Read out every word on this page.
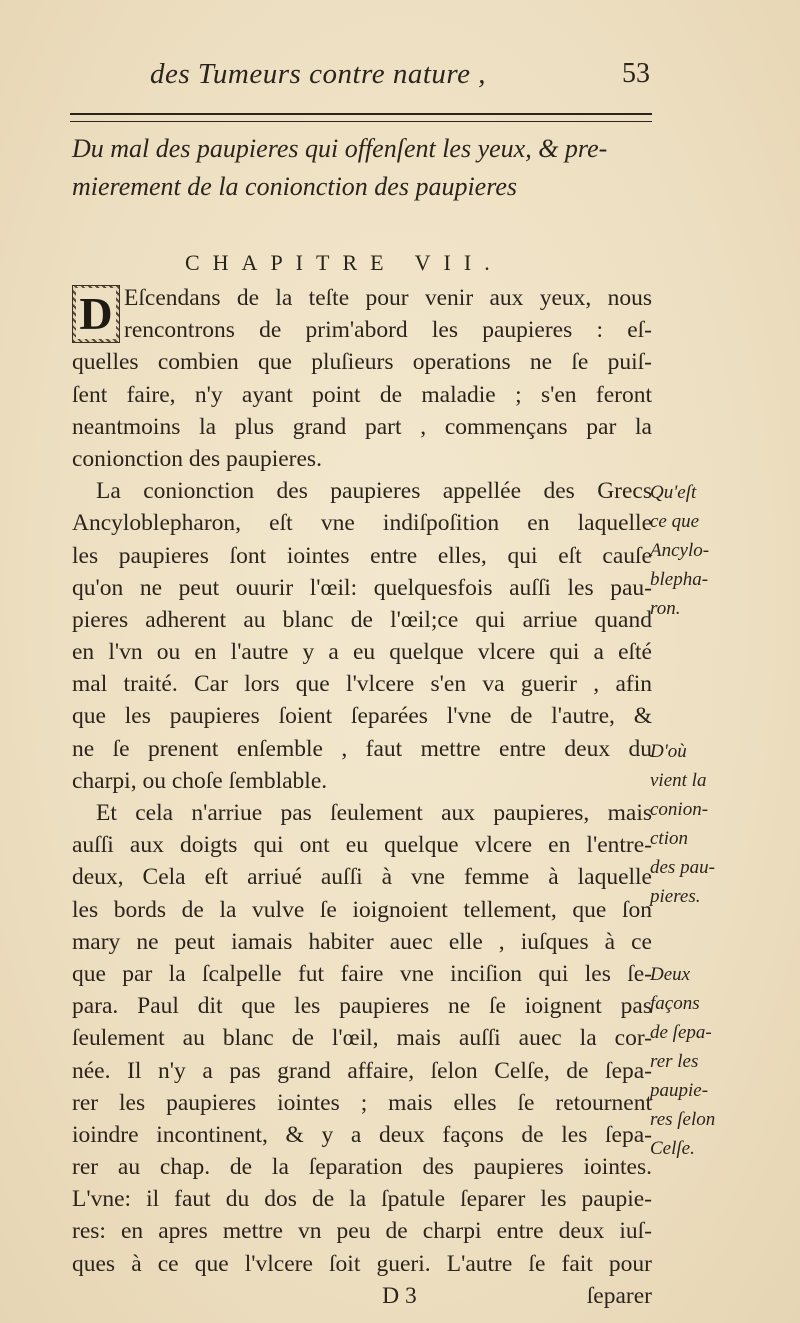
des Tumeurs contre nature ,	53
Du mal des paupieres qui offenſent les yeux, & pre-
mierement de la conionction des paupieres
CHAPITRE VII.
D Eſcendans de la teſte pour venir aux yeux, nous
rencontrons de prim'abord les paupieres : eſ-
quelles combien que pluſieurs operations ne ſe puiſ-
ſent faire, n'y ayant point de maladie ; s'en feront
neantmoins la plus grand part , commençans par la
conionction des paupieres.
La conionction des paupieres appellée des Grecs
Ancyloblepharon, eſt vne indiſpoſition en laquelle
les paupieres ſont iointes entre elles, qui eſt cauſe
qu'on ne peut ouurir l'œil: quelquesfois auſſi les pau-
pieres adherent au blanc de l'œil;ce qui arriue quand
en l'vn ou en l'autre y a eu quelque vlcere qui a eſté
mal traité. Car lors que l'vlcere s'en va guerir , afin
que les paupieres ſoient ſeparées l'vne de l'autre, &
ne ſe prenent enſemble , faut mettre entre deux du
charpi, ou choſe ſemblable.
Et cela n'arriue pas ſeulement aux paupieres, mais
auſſi aux doigts qui ont eu quelque vlcere en l'entre-
deux, Cela eſt arriué auſſi à vne femme à laquelle
les bords de la vulve ſe ioignoient tellement, que ſon
mary ne peut iamais habiter auec elle , iuſques à ce
que par la ſcalpelle fut faire vne inciſion qui les ſe-
para. Paul dit que les paupieres ne ſe ioignent pas
ſeulement au blanc de l'œil, mais auſſi auec la cor-
née. Il n'y a pas grand affaire, ſelon Celſe, de ſepa-
rer les paupieres iointes ; mais elles ſe retournent
ioindre incontinent, & y a deux façons de les ſepa-
rer au chap. de la ſeparation des paupieres iointes.
L'vne: il faut du dos de la ſpatule ſeparer les paupie-
res: en apres mettre vn peu de charpi entre deux iuſ-
ques à ce que l'vlcere ſoit gueri. L'autre ſe fait pour
D 3	ſeparer
Qu'eſt
ce que
Ancylo-
blepha-
ron.
D'où
vient la
conion-
ction
des pau-
pieres.
Deux
façons
de ſepa-
rer les
paupie-
res ſelon
Celſe.
